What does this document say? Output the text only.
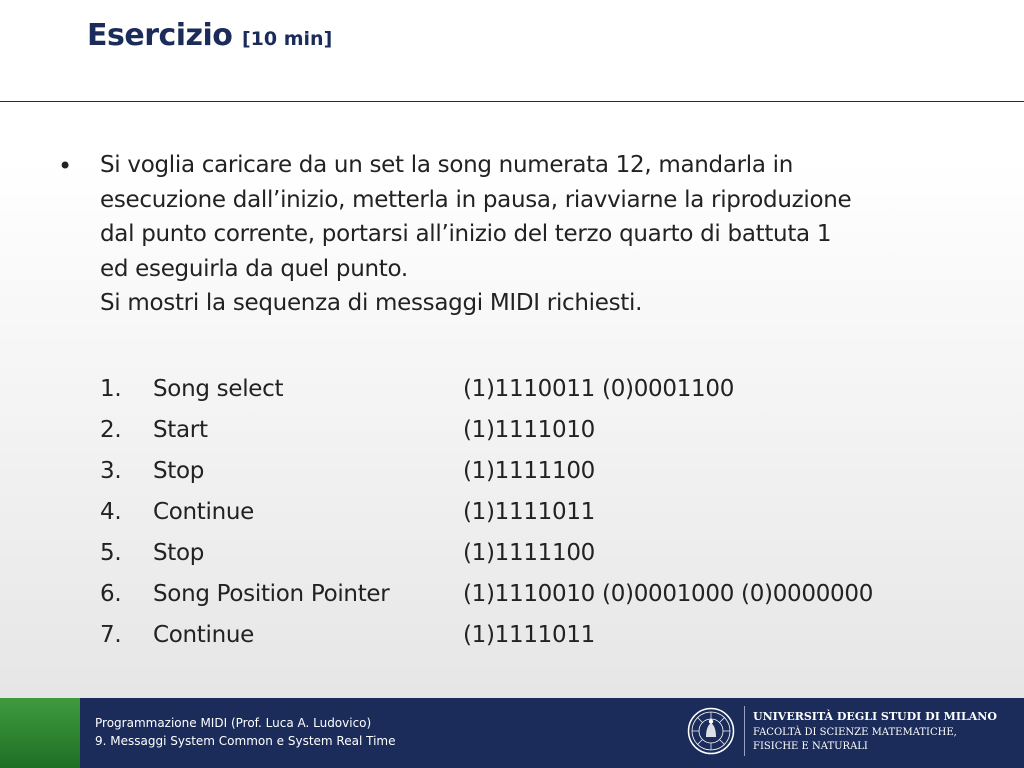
Esercizio [10 min]
• Si voglia caricare da un set la song numerata 12, mandarla in
esecuzione dall’inizio, metterla in pausa, riavviarne la riproduzione
dal punto corrente, portarsi all’inizio del terzo quarto di battuta 1
ed eseguirla da quel punto.
Si mostri la sequenza di messaggi MIDI richiesti.
1. Song select	(1)1110011 (0)0001100
2. Start	(1)1111010
3. Stop	(1)1111100
4. Continue	(1)1111011
5. Stop	(1)1111100
6. Song Position Pointer	(1)1110010 (0)0001000 (0)0000000
7. Continue	(1)1111011
Programmazione MIDI (Prof. Luca A. Ludovico)
9. Messaggi System Common e System Real Time
UNIVERSITÀ DEGLI STUDI DI MILANO
FACOLTÀ DI SCIENZE MATEMATICHE,
FISICHE E NATURALI
